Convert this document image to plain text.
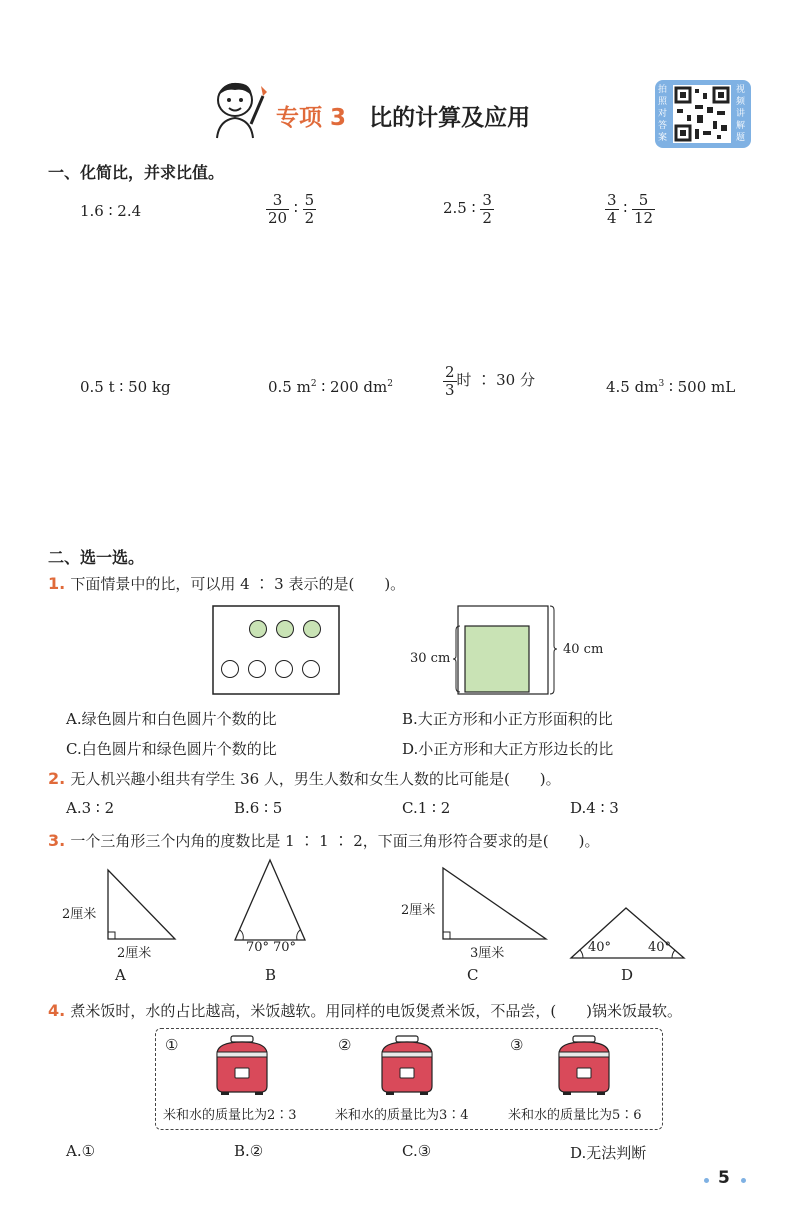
专项 3 比的计算及应用
拍照对答案
视频讲解题
一、化简比，并求比值。
1.6 ∶ 2.4	$\frac{3}{20}$ ∶ $\frac{5}{2}$	2.5 ∶ $\frac{3}{2}$	$\frac{3}{4}$ ∶ $\frac{5}{12}$
0.5 t ∶ 50 kg	0.5 $m^2$ ∶ 200 $dm^2$	$\frac{2}{3}$ 时 ∶ 30 分	4.5 $dm^3$ ∶ 500 mL
二、选一选。
1. 下面情景中的比，可以用 4 ∶ 3 表示的是(　　)。
30 cm
40 cm
A.绿色圆片和白色圆片个数的比	B.大正方形和小正方形面积的比
C.白色圆片和绿色圆片个数的比	D.小正方形和大正方形边长的比
2. 无人机兴趣小组共有学生 36 人，男生人数和女生人数的比可能是(　　)。
A.3 ∶ 2	B.6 ∶ 5	C.1 ∶ 2	D.4 ∶ 3
3. 一个三角形三个内角的度数比是 1 ∶ 1 ∶ 2，下面三角形符合要求的是(　　)。
2厘米
2厘米
A
70° 70°
B
2厘米
3厘米
C
40°	40°
D
4. 煮米饭时，水的占比越高，米饭越软。用同样的电饭煲煮米饭，不品尝，(　　)锅米饭最软。
①	②	③
米和水的质量比为2∶3	米和水的质量比为3∶4	米和水的质量比为5∶6
A.①	B.②	C.③	D.无法判断
5
